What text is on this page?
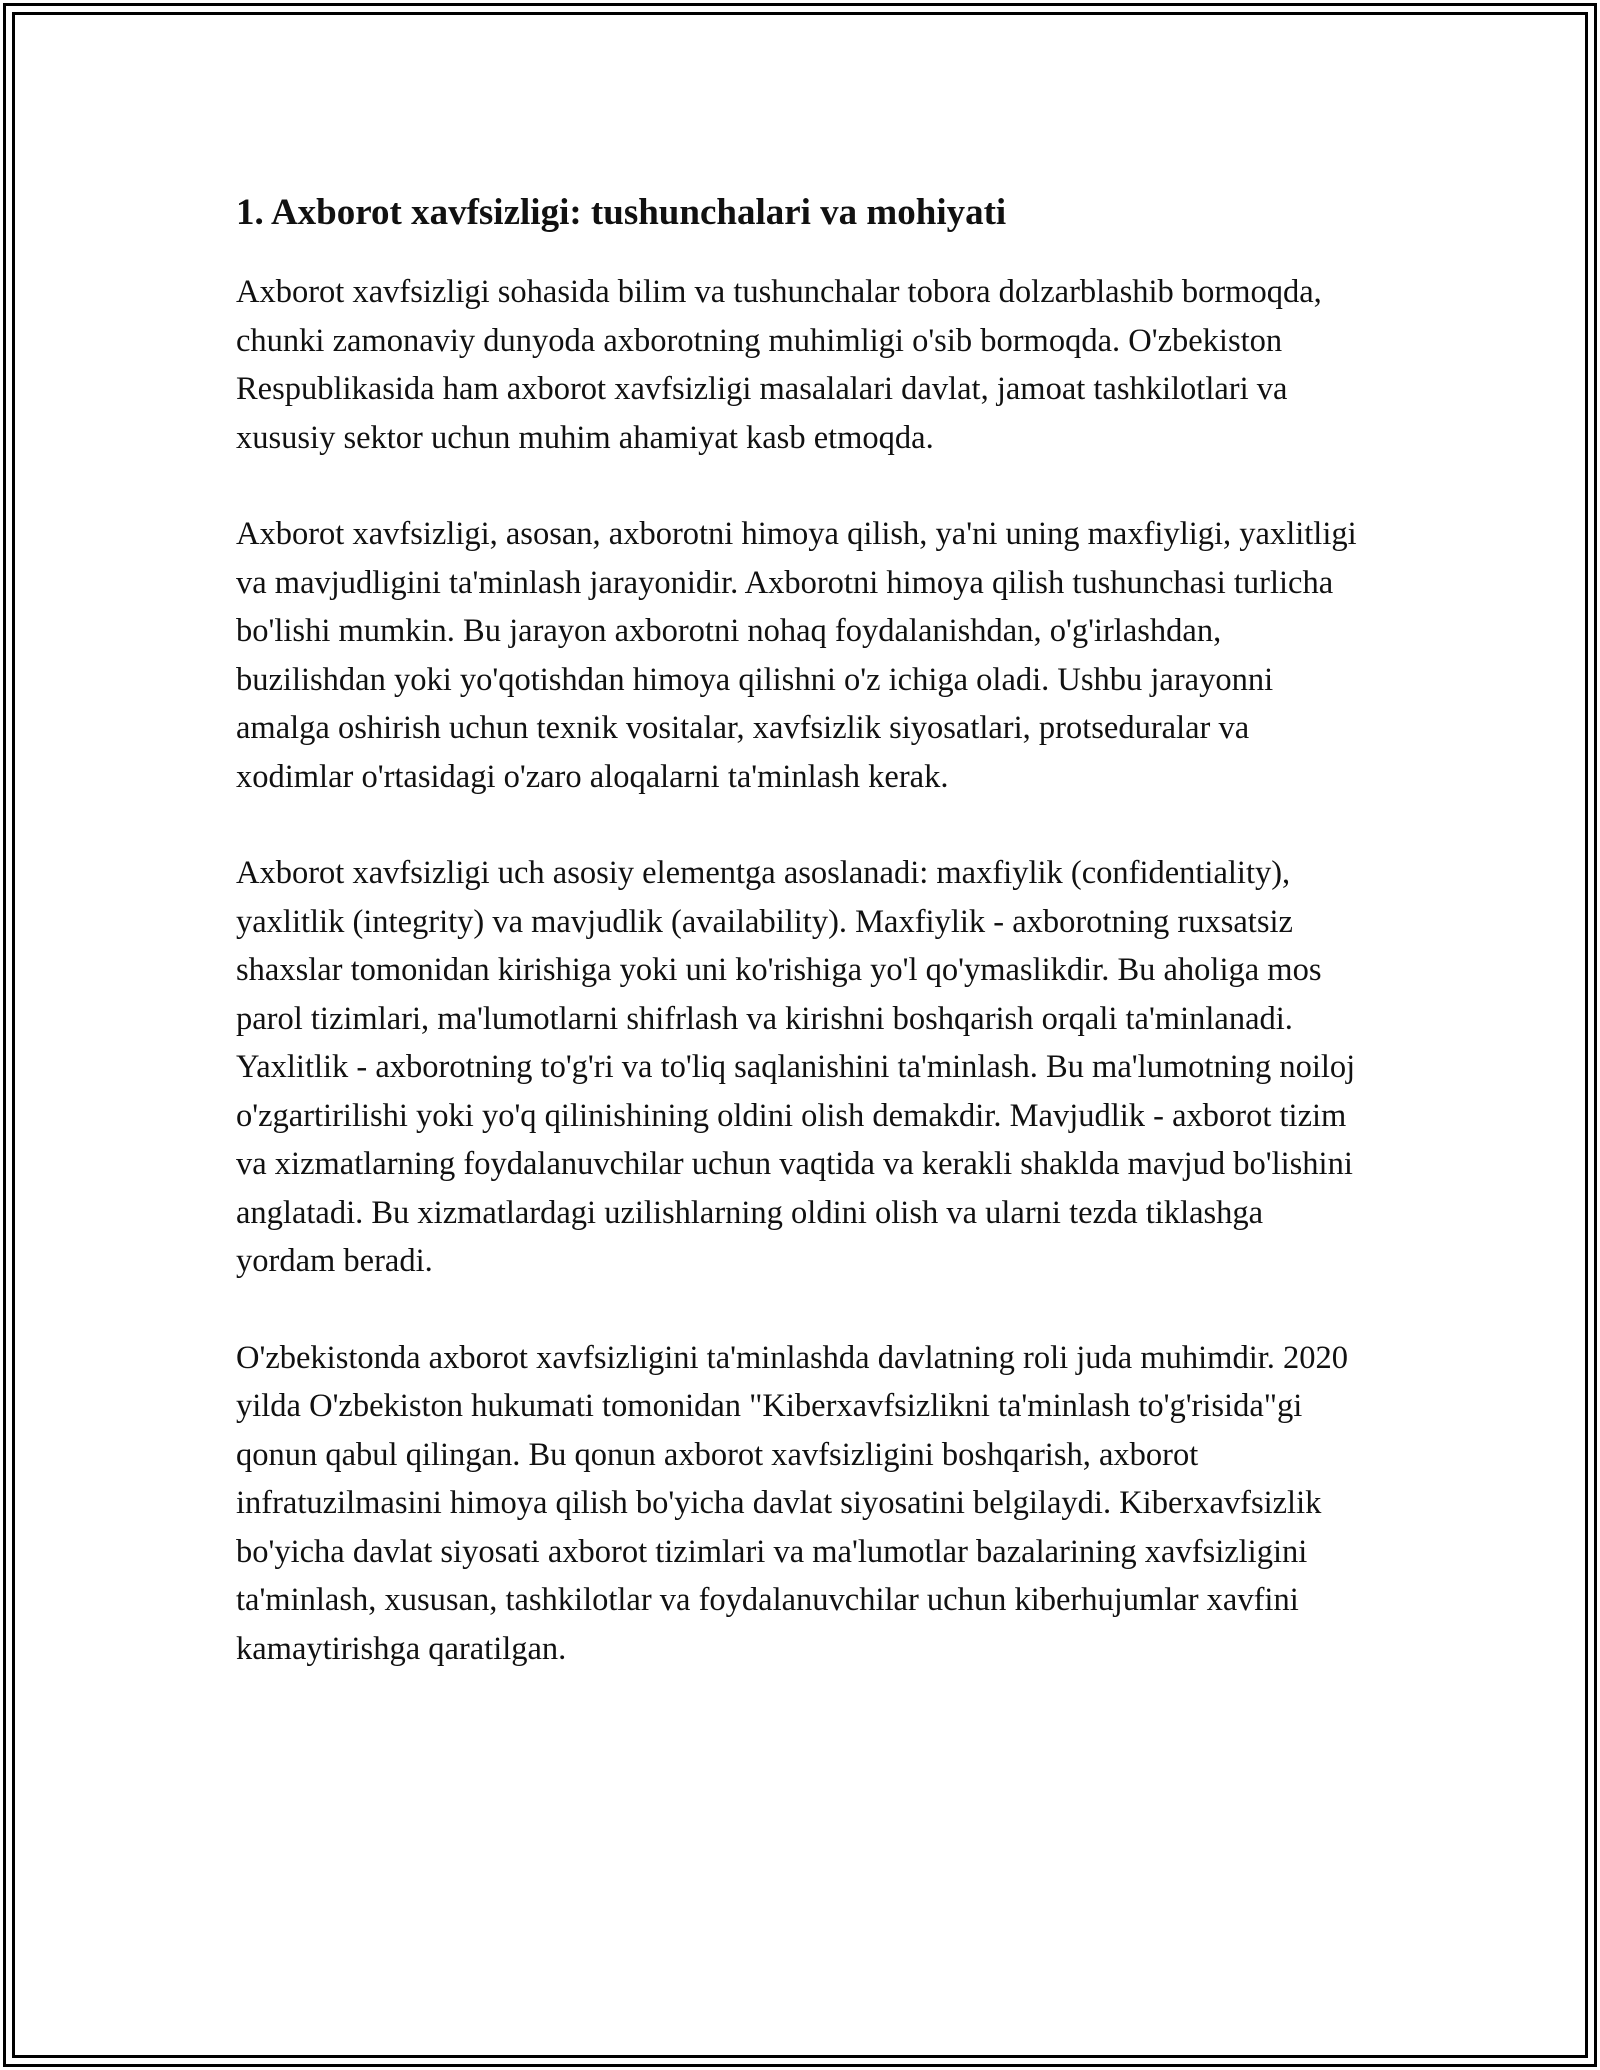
1. Axborot xavfsizligi: tushunchalari va mohiyati

Axborot xavfsizligi sohasida bilim va tushunchalar tobora dolzarblashib bormoqda, chunki zamonaviy dunyoda axborotning muhimligi o'sib bormoqda. O'zbekiston Respublikasida ham axborot xavfsizligi masalalari davlat, jamoat tashkilotlari va xususiy sektor uchun muhim ahamiyat kasb etmoqda.

Axborot xavfsizligi, asosan, axborotni himoya qilish, ya'ni uning maxfiyligi, yaxlitligi va mavjudligini ta'minlash jarayonidir. Axborotni himoya qilish tushunchasi turlicha bo'lishi mumkin. Bu jarayon axborotni nohaq foydalanishdan, o'g'irlashdan, buzilishdan yoki yo'qotishdan himoya qilishni o'z ichiga oladi. Ushbu jarayonni amalga oshirish uchun texnik vositalar, xavfsizlik siyosatlari, protseduralar va xodimlar o'rtasidagi o'zaro aloqalarni ta'minlash kerak.

Axborot xavfsizligi uch asosiy elementga asoslanadi: maxfiylik (confidentiality), yaxlitlik (integrity) va mavjudlik (availability). Maxfiylik - axborotning ruxsatsiz shaxslar tomonidan kirishiga yoki uni ko'rishiga yo'l qo'ymaslikdir. Bu aholiga mos parol tizimlari, ma'lumotlarni shifrlash va kirishni boshqarish orqali ta'minlanadi. Yaxlitlik - axborotning to'g'ri va to'liq saqlanishini ta'minlash. Bu ma'lumotning noiloj o'zgartirilishi yoki yo'q qilinishining oldini olish demakdir. Mavjudlik - axborot tizim va xizmatlarning foydalanuvchilar uchun vaqtida va kerakli shaklda mavjud bo'lishini anglatadi. Bu xizmatlardagi uzilishlarning oldini olish va ularni tezda tiklashga yordam beradi.

O'zbekistonda axborot xavfsizligini ta'minlashda davlatning roli juda muhimdir. 2020 yilda O'zbekiston hukumati tomonidan "Kiberxavfsizlikni ta'minlash to'g'risida"gi qonun qabul qilingan. Bu qonun axborot xavfsizligini boshqarish, axborot infratuzilmasini himoya qilish bo'yicha davlat siyosatini belgilaydi. Kiberxavfsizlik bo'yicha davlat siyosati axborot tizimlari va ma'lumotlar bazalarining xavfsizligini ta'minlash, xususan, tashkilotlar va foydalanuvchilar uchun kiberhujumlar xavfini kamaytirishga qaratilgan.
